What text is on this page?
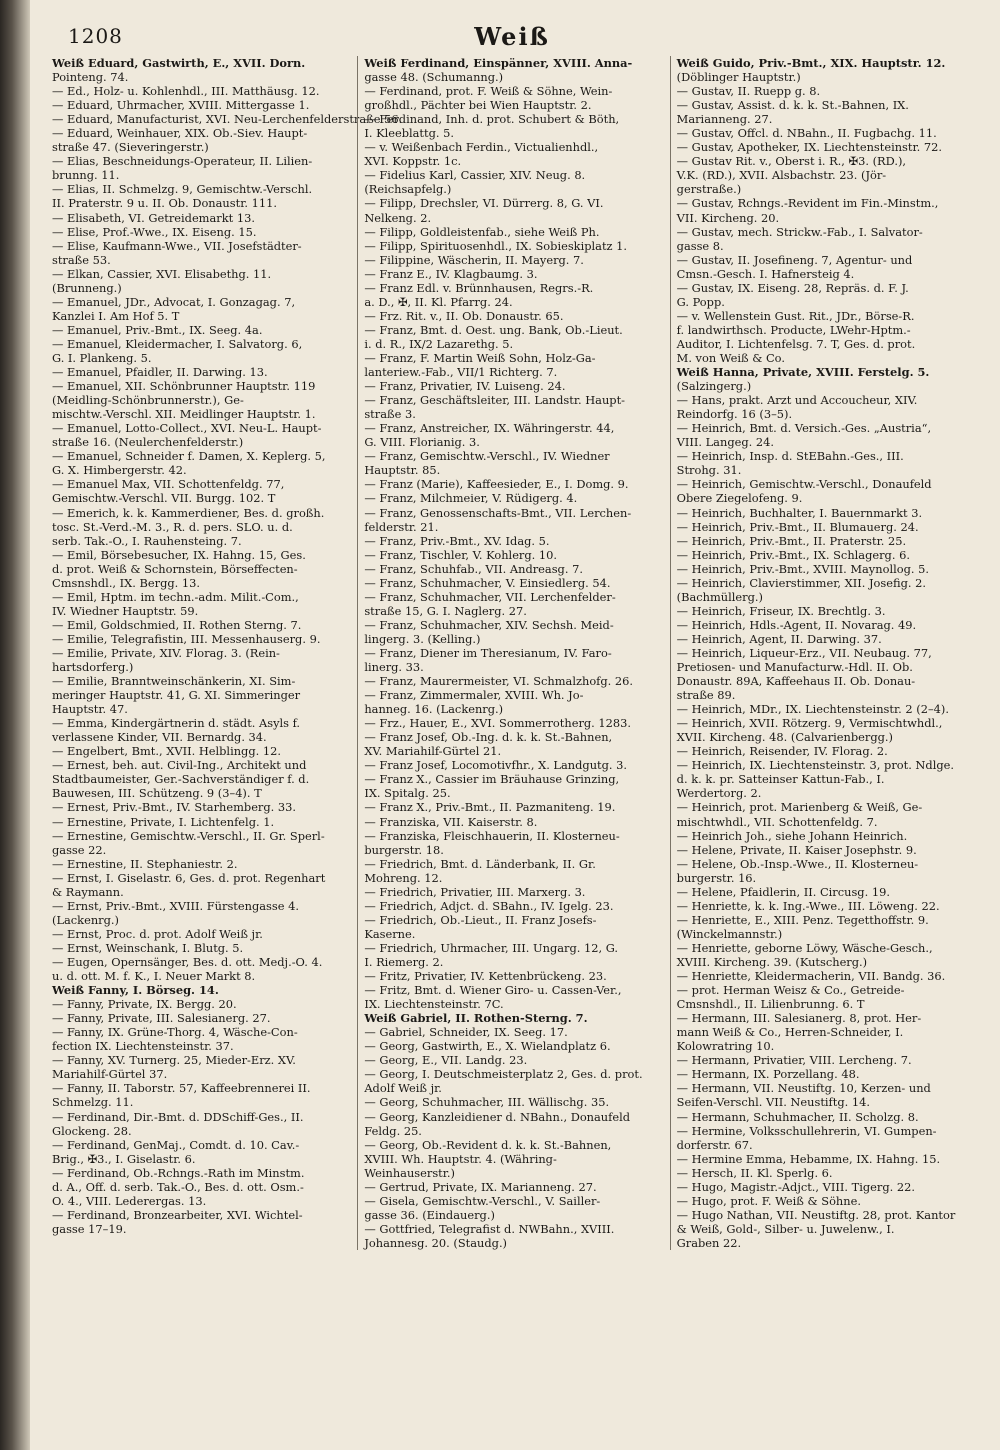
1208	Weiß
Weiß Eduard, Gastwirth, E., XVII. Dorn.
Pointeng. 74.
— Ed., Holz- u. Kohlenhdl., III. Matthäusg. 12.
— Eduard, Uhrmacher, XVIII. Mittergasse 1.
— Eduard, Manufacturist, XVI. Neu-Lerchenfelderstraße 56.
— Eduard, Weinhauer, XIX. Ob.-Siev. Haupt-
straße 47. (Sieveringerstr.)
— Elias, Beschneidungs-Operateur, II. Lilien-
brunng. 11.
— Elias, II. Schmelzg. 9, Gemischtw.-Verschl.
II. Praterstr. 9 u. II. Ob. Donaustr. 111.
— Elisabeth, VI. Getreidemarkt 13.
— Elise, Prof.-Wwe., IX. Eiseng. 15.
— Elise, Kaufmann-Wwe., VII. Josefstädter-
straße 53.
— Elkan, Cassier, XVI. Elisabethg. 11.
(Brunneng.)
— Emanuel, JDr., Advocat, I. Gonzagag. 7,
Kanzlei I. Am Hof 5. T
— Emanuel, Priv.-Bmt., IX. Seeg. 4a.
— Emanuel, Kleidermacher, I. Salvatorg. 6,
G. I. Plankeng. 5.
— Emanuel, Pfaidler, II. Darwing. 13.
— Emanuel, XII. Schönbrunner Hauptstr. 119
(Meidling-Schönbrunnerstr.), Ge-
mischtw.-Verschl. XII. Meidlinger Hauptstr. 1.
— Emanuel, Lotto-Collect., XVI. Neu-L. Haupt-
straße 16. (Neulerchenfelderstr.)
— Emanuel, Schneider f. Damen, X. Keplerg. 5,
G. X. Himbergerstr. 42.
— Emanuel Max, VII. Schottenfeldg. 77,
Gemischtw.-Verschl. VII. Burgg. 102. T
— Emerich, k. k. Kammerdiener, Bes. d. großh.
tosc. St.-Verd.-M. 3., R. d. pers. SLO. u. d.
serb. Tak.-O., I. Rauhensteing. 7.
— Emil, Börsebesucher, IX. Hahng. 15, Ges.
d. prot. Weiß & Schornstein, Börseffecten-
Cmsnshdl., IX. Bergg. 13.
— Emil, Hptm. im techn.-adm. Milit.-Com.,
IV. Wiedner Hauptstr. 59.
— Emil, Goldschmied, II. Rothen Sterng. 7.
— Emilie, Telegrafistin, III. Messenhauserg. 9.
— Emilie, Private, XIV. Florag. 3. (Rein-
hartsdorferg.)
— Emilie, Branntweinschänkerin, XI. Sim-
meringer Hauptstr. 41, G. XI. Simmeringer
Hauptstr. 47.
— Emma, Kindergärtnerin d. städt. Asyls f.
verlassene Kinder, VII. Bernardg. 34.
— Engelbert, Bmt., XVII. Helblingg. 12.
— Ernest, beh. aut. Civil-Ing., Architekt und
Stadtbaumeister, Ger.-Sachverständiger f. d.
Bauwesen, III. Schützeng. 9 (3–4). T
— Ernest, Priv.-Bmt., IV. Starhemberg. 33.
— Ernestine, Private, I. Lichtenfelg. 1.
— Ernestine, Gemischtw.-Verschl., II. Gr. Sperl-
gasse 22.
— Ernestine, II. Stephaniestr. 2.
— Ernst, I. Giselastr. 6, Ges. d. prot. Regenhart
& Raymann.
— Ernst, Priv.-Bmt., XVIII. Fürstengasse 4.
(Lackenrg.)
— Ernst, Proc. d. prot. Adolf Weiß jr.
— Ernst, Weinschank, I. Blutg. 5.
— Eugen, Opernsänger, Bes. d. ott. Medj.-O. 4.
u. d. ott. M. f. K., I. Neuer Markt 8.
Weiß Fanny, I. Börseg. 14.
— Fanny, Private, IX. Bergg. 20.
— Fanny, Private, III. Salesianerg. 27.
— Fanny, IX. Grüne-Thorg. 4, Wäsche-Con-
fection IX. Liechtensteinstr. 37.
— Fanny, XV. Turnerg. 25, Mieder-Erz. XV.
Mariahilf-Gürtel 37.
— Fanny, II. Taborstr. 57, Kaffeebrennerei II.
Schmelzg. 11.
— Ferdinand, Dir.-Bmt. d. DDSchiff-Ges., II.
Glockeng. 28.
— Ferdinand, GenMaj., Comdt. d. 10. Cav.-
Brig., ✠3., I. Giselastr. 6.
— Ferdinand, Ob.-Rchngs.-Rath im Minstm.
d. A., Off. d. serb. Tak.-O., Bes. d. ott. Osm.-
O. 4., VIII. Lederergas. 13.
— Ferdinand, Bronzearbeiter, XVI. Wichtel-
gasse 17–19.
Weiß Ferdinand, Einspänner, XVIII. Anna-
gasse 48. (Schumanng.)
— Ferdinand, prot. F. Weiß & Söhne, Wein-
großhdl., Pächter bei Wien Hauptstr. 2.
— Ferdinand, Inh. d. prot. Schubert & Böth,
I. Kleeblattg. 5.
— v. Weißenbach Ferdin., Victualienhdl.,
XVI. Koppstr. 1c.
— Fidelius Karl, Cassier, XIV. Neug. 8.
(Reichsapfelg.)
— Filipp, Drechsler, VI. Dürrerg. 8, G. VI.
Nelkeng. 2.
— Filipp, Goldleistenfab., siehe Weiß Ph.
— Filipp, Spirituosenhdl., IX. Sobieskiplatz 1.
— Filippine, Wäscherin, II. Mayerg. 7.
— Franz E., IV. Klagbaumg. 3.
— Franz Edl. v. Brünnhausen, Regrs.-R.
a. D., ✠, II. Kl. Pfarrg. 24.
— Frz. Rit. v., II. Ob. Donaustr. 65.
— Franz, Bmt. d. Oest. ung. Bank, Ob.-Lieut.
i. d. R., IX/2 Lazarethg. 5.
— Franz, F. Martin Weiß Sohn, Holz-Ga-
lanteriew.-Fab., VII/1 Richterg. 7.
— Franz, Privatier, IV. Luiseng. 24.
— Franz, Geschäftsleiter, III. Landstr. Haupt-
straße 3.
— Franz, Anstreicher, IX. Währingerstr. 44,
G. VIII. Florianig. 3.
— Franz, Gemischtw.-Verschl., IV. Wiedner
Hauptstr. 85.
— Franz (Marie), Kaffeesieder, E., I. Domg. 9.
— Franz, Milchmeier, V. Rüdigerg. 4.
— Franz, Genossenschafts-Bmt., VII. Lerchen-
felderstr. 21.
— Franz, Priv.-Bmt., XV. Idag. 5.
— Franz, Tischler, V. Kohlerg. 10.
— Franz, Schuhfab., VII. Andreasg. 7.
— Franz, Schuhmacher, V. Einsiedlerg. 54.
— Franz, Schuhmacher, VII. Lerchenfelder-
straße 15, G. I. Naglerg. 27.
— Franz, Schuhmacher, XIV. Sechsh. Meid-
lingerg. 3. (Kelling.)
— Franz, Diener im Theresianum, IV. Faro-
linerg. 33.
— Franz, Maurermeister, VI. Schmalzhofg. 26.
— Franz, Zimmermaler, XVIII. Wh. Jo-
hanneg. 16. (Lackenrg.)
— Frz., Hauer, E., XVI. Sommerrotherg. 1283.
— Franz Josef, Ob.-Ing. d. k. k. St.-Bahnen,
XV. Mariahilf-Gürtel 21.
— Franz Josef, Locomotivfhr., X. Landgutg. 3.
— Franz X., Cassier im Bräuhause Grinzing,
IX. Spitalg. 25.
— Franz X., Priv.-Bmt., II. Pazmaniteng. 19.
— Franziska, VII. Kaiserstr. 8.
— Franziska, Fleischhauerin, II. Klosterneu-
burgerstr. 18.
— Friedrich, Bmt. d. Länderbank, II. Gr.
Mohreng. 12.
— Friedrich, Privatier, III. Marxerg. 3.
— Friedrich, Adjct. d. SBahn., IV. Igelg. 23.
— Friedrich, Ob.-Lieut., II. Franz Josefs-
Kaserne.
— Friedrich, Uhrmacher, III. Ungarg. 12, G.
I. Riemerg. 2.
— Fritz, Privatier, IV. Kettenbrückeng. 23.
— Fritz, Bmt. d. Wiener Giro- u. Cassen-Ver.,
IX. Liechtensteinstr. 7C.
Weiß Gabriel, II. Rothen-Sterng. 7.
— Gabriel, Schneider, IX. Seeg. 17.
— Georg, Gastwirth, E., X. Wielandplatz 6.
— Georg, E., VII. Landg. 23.
— Georg, I. Deutschmeisterplatz 2, Ges. d. prot.
Adolf Weiß jr.
— Georg, Schuhmacher, III. Wällischg. 35.
— Georg, Kanzleidiener d. NBahn., Donaufeld
Feldg. 25.
— Georg, Ob.-Revident d. k. k. St.-Bahnen,
XVIII. Wh. Hauptstr. 4. (Währing-
Weinhauserstr.)
— Gertrud, Private, IX. Marianneng. 27.
— Gisela, Gemischtw.-Verschl., V. Sailler-
gasse 36. (Eindauerg.)
— Gottfried, Telegrafist d. NWBahn., XVIII.
Johannesg. 20. (Staudg.)
Weiß Guido, Priv.-Bmt., XIX. Hauptstr. 12.
(Döblinger Hauptstr.)
— Gustav, II. Ruepp g. 8.
— Gustav, Assist. d. k. k. St.-Bahnen, IX.
Marianneng. 27.
— Gustav, Offcl. d. NBahn., II. Fugbachg. 11.
— Gustav, Apotheker, IX. Liechtensteinstr. 72.
— Gustav Rit. v., Oberst i. R., ✠3. (RD.),
V.K. (RD.), XVII. Alsbachstr. 23. (Jör-
gerstraße.)
— Gustav, Rchngs.-Revident im Fin.-Minstm.,
VII. Kircheng. 20.
— Gustav, mech. Strickw.-Fab., I. Salvator-
gasse 8.
— Gustav, II. Josefineng. 7, Agentur- und
Cmsn.-Gesch. I. Hafnersteig 4.
— Gustav, IX. Eiseng. 28, Repräs. d. F. J.
G. Popp.
— v. Wellenstein Gust. Rit., JDr., Börse-R.
f. landwirthsch. Producte, LWehr-Hptm.-
Auditor, I. Lichtenfelsg. 7. T, Ges. d. prot.
M. von Weiß & Co.
Weiß Hanna, Private, XVIII. Ferstelg. 5.
(Salzingerg.)
— Hans, prakt. Arzt und Accoucheur, XIV.
Reindorfg. 16 (3–5).
— Heinrich, Bmt. d. Versich.-Ges. „Austria“,
VIII. Langeg. 24.
— Heinrich, Insp. d. StEBahn.-Ges., III.
Strohg. 31.
— Heinrich, Gemischtw.-Verschl., Donaufeld
Obere Ziegelofeng. 9.
— Heinrich, Buchhalter, I. Bauernmarkt 3.
— Heinrich, Priv.-Bmt., II. Blumauerg. 24.
— Heinrich, Priv.-Bmt., II. Praterstr. 25.
— Heinrich, Priv.-Bmt., IX. Schlagerg. 6.
— Heinrich, Priv.-Bmt., XVIII. Maynollog. 5.
— Heinrich, Clavierstimmer, XII. Josefig. 2.
(Bachmüllerg.)
— Heinrich, Friseur, IX. Brechtlg. 3.
— Heinrich, Hdls.-Agent, II. Novarag. 49.
— Heinrich, Agent, II. Darwing. 37.
— Heinrich, Liqueur-Erz., VII. Neubaug. 77,
Pretiosen- und Manufacturw.-Hdl. II. Ob.
Donaustr. 89A, Kaffeehaus II. Ob. Donau-
straße 89.
— Heinrich, MDr., IX. Liechtensteinstr. 2 (2–4).
— Heinrich, XVII. Rötzerg. 9, Vermischtwhdl.,
XVII. Kircheng. 48. (Calvarienbergg.)
— Heinrich, Reisender, IV. Florag. 2.
— Heinrich, IX. Liechtensteinstr. 3, prot. Ndlge.
d. k. k. pr. Satteinser Kattun-Fab., I.
Werdertorg. 2.
— Heinrich, prot. Marienberg & Weiß, Ge-
mischtwhdl., VII. Schottenfeldg. 7.
— Heinrich Joh., siehe Johann Heinrich.
— Helene, Private, II. Kaiser Josephstr. 9.
— Helene, Ob.-Insp.-Wwe., II. Klosterneu-
burgerstr. 16.
— Helene, Pfaidlerin, II. Circusg. 19.
— Henriette, k. k. Ing.-Wwe., III. Löweng. 22.
— Henriette, E., XIII. Penz. Tegetthoffstr. 9.
(Winckelmannstr.)
— Henriette, geborne Löwy, Wäsche-Gesch.,
XVIII. Kircheng. 39. (Kutscherg.)
— Henriette, Kleidermacherin, VII. Bandg. 36.
— prot. Herman Weisz & Co., Getreide-
Cmsnshdl., II. Lilienbrunng. 6. T
— Hermann, III. Salesianerg. 8, prot. Her-
mann Weiß & Co., Herren-Schneider, I.
Kolowratring 10.
— Hermann, Privatier, VIII. Lercheng. 7.
— Hermann, IX. Porzellang. 48.
— Hermann, VII. Neustiftg. 10, Kerzen- und
Seifen-Verschl. VII. Neustiftg. 14.
— Hermann, Schuhmacher, II. Scholzg. 8.
— Hermine, Volksschullehrerin, VI. Gumpen-
dorferstr. 67.
— Hermine Emma, Hebamme, IX. Hahng. 15.
— Hersch, II. Kl. Sperlg. 6.
— Hugo, Magistr.-Adjct., VIII. Tigerg. 22.
— Hugo, prot. F. Weiß & Söhne.
— Hugo Nathan, VII. Neustiftg. 28, prot. Kantor
& Weiß, Gold-, Silber- u. Juwelenw., I.
Graben 22.
